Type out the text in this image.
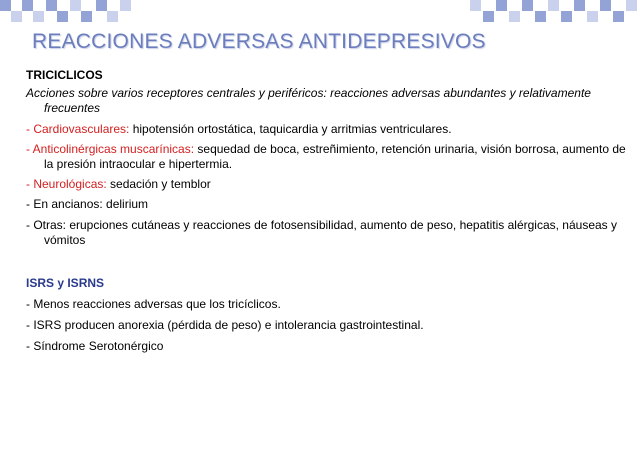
REACCIONES ADVERSAS ANTIDEPRESIVOS
TRICICLICOS
Acciones sobre varios receptores centrales y periféricos: reacciones adversas abundantes y relativamente frecuentes
- Cardiovasculares: hipotensión ortostática, taquicardia y arritmias ventriculares.
- Anticolinérgicas muscarínicas: sequedad de boca, estreñimiento, retención urinaria, visión borrosa, aumento de la presión intraocular e hipertermia.
- Neurológicas: sedación y temblor
- En ancianos: delirium
- Otras: erupciones cutáneas y reacciones de fotosensibilidad, aumento de peso, hepatitis alérgicas, náuseas y vómitos
ISRS y ISRNS
- Menos reacciones adversas que los tricíclicos.
- ISRS producen anorexia (pérdida de peso) e intolerancia gastrointestinal.
- Síndrome Serotonérgico
